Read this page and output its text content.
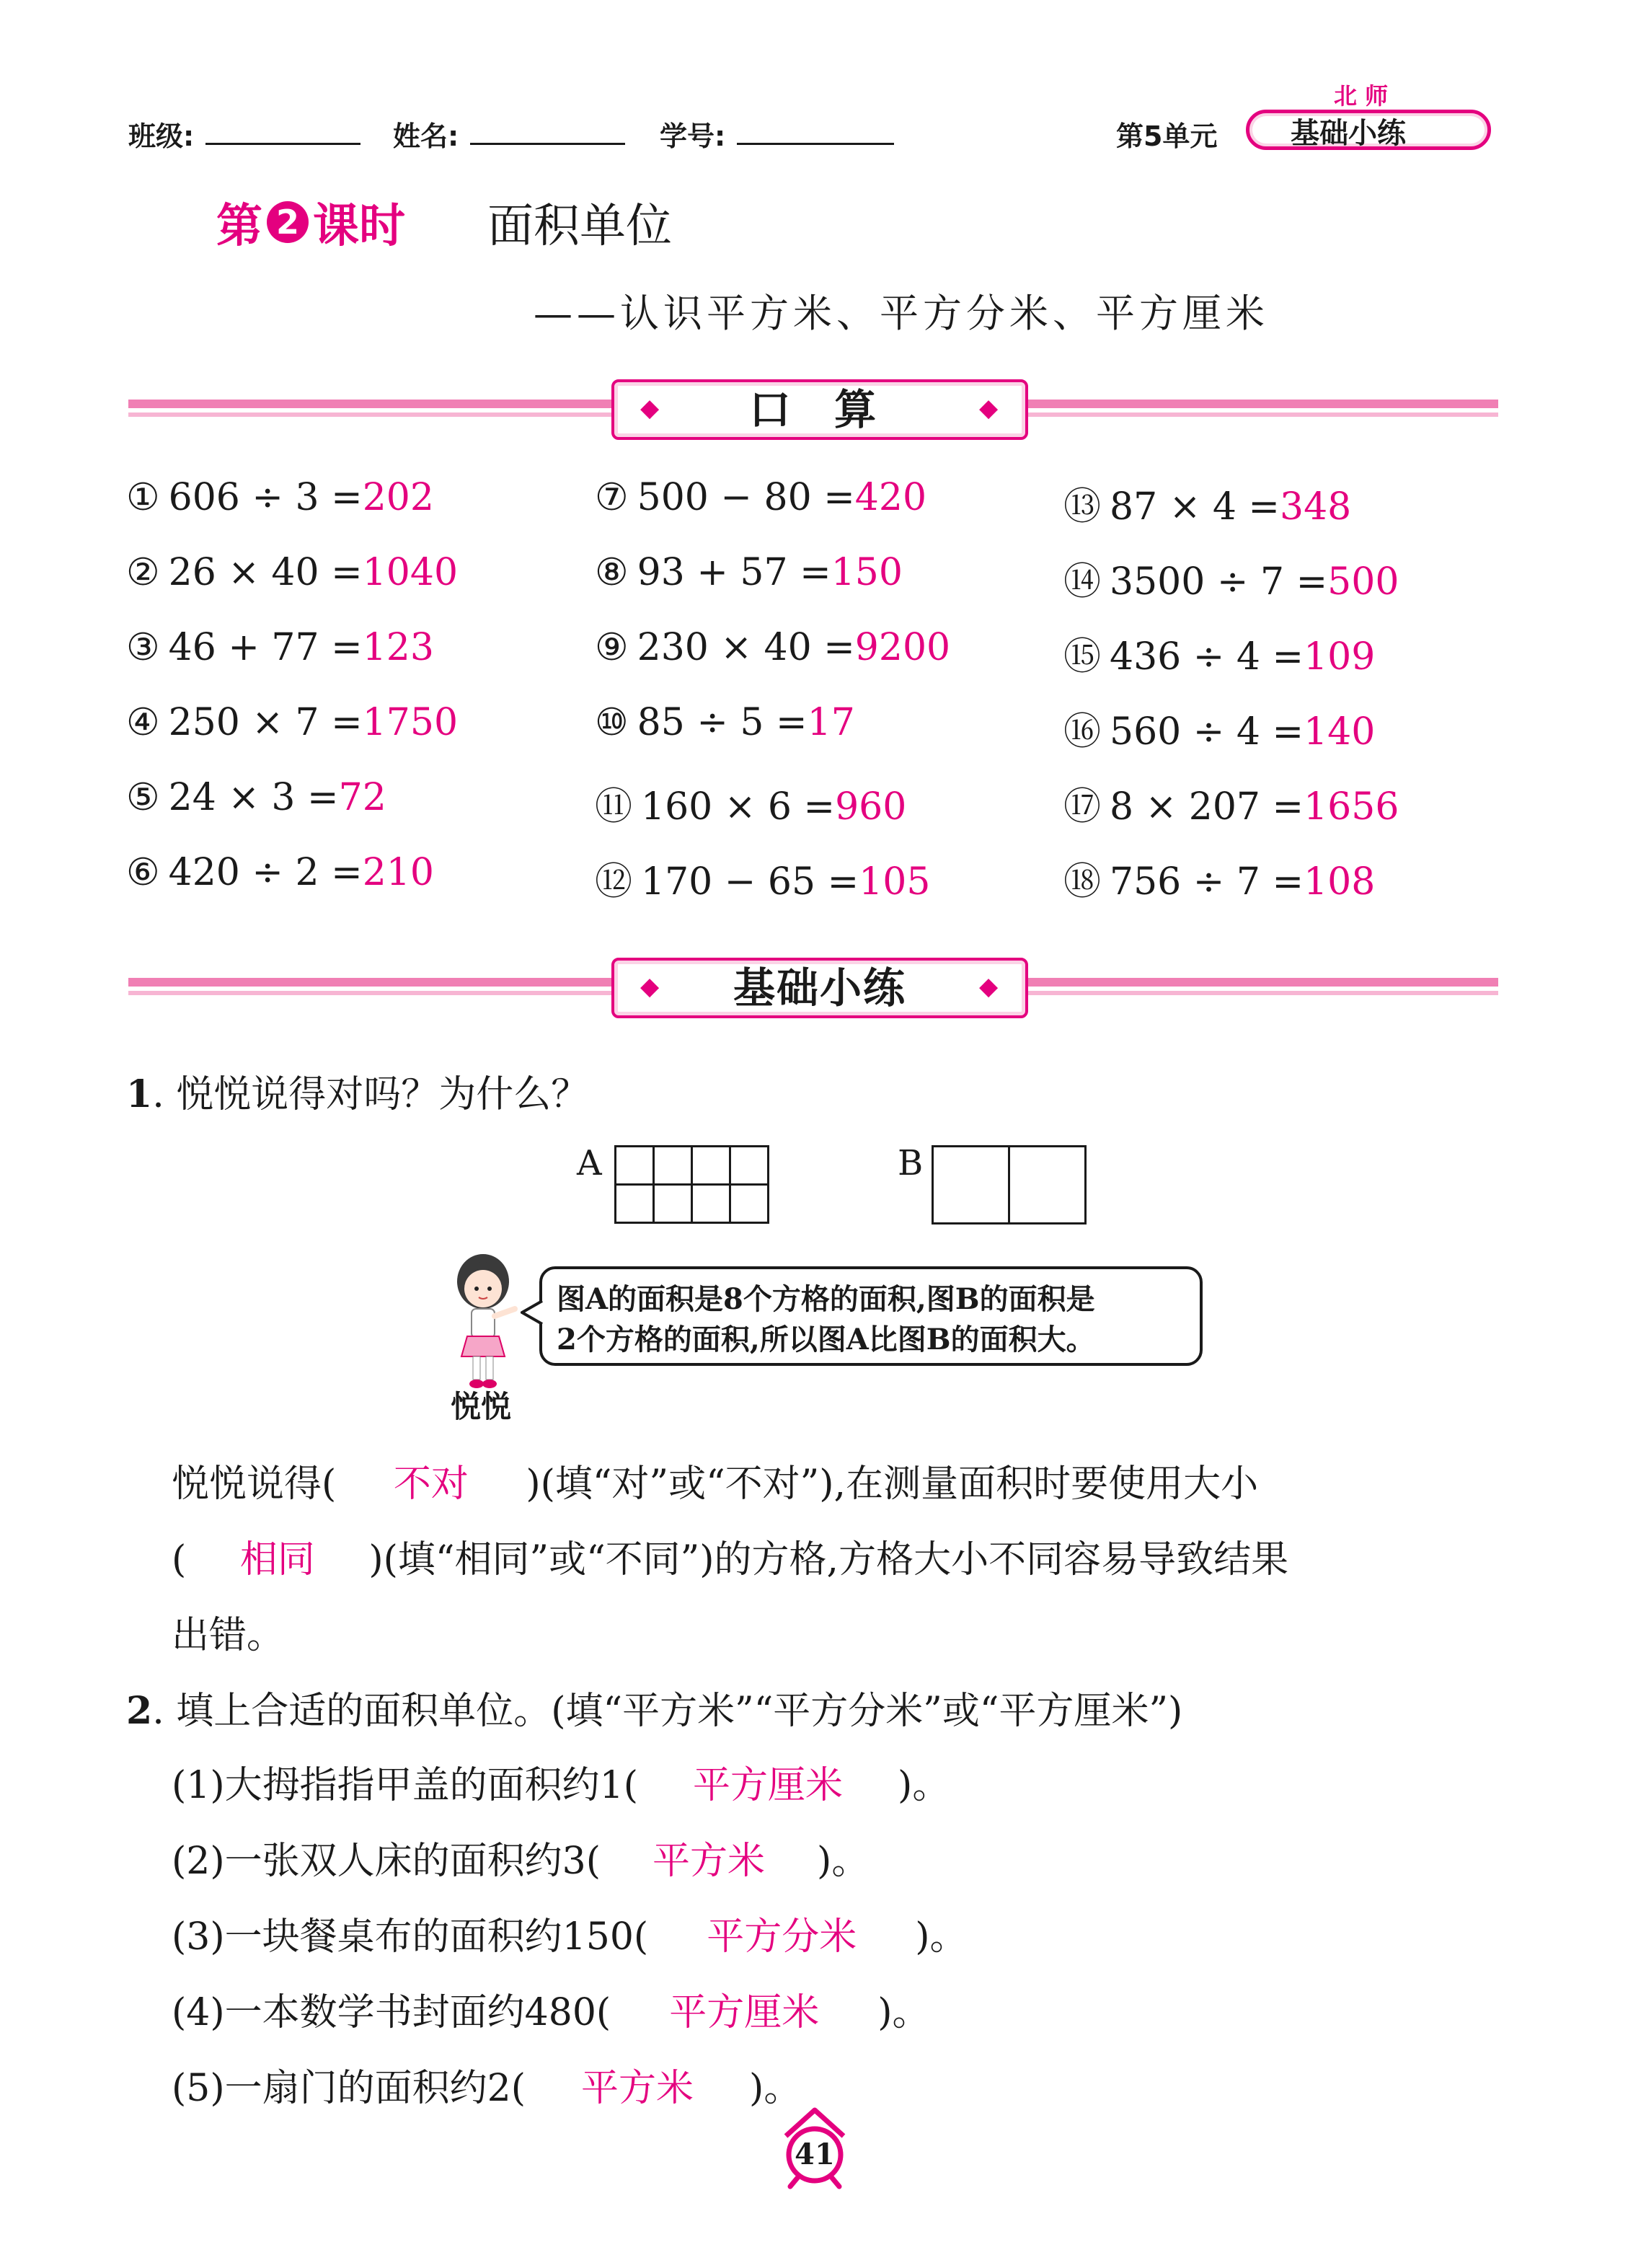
班级:	姓名:	学号:	第5单元
北 师
基础小练
第 2 课时 面积单位
——认识平方米、平方分米、平方厘米
口 算
◆	◆
① 606 ÷ 3 =202
② 26 × 40 =1040
③ 46 + 77 =123
④ 250 × 7 =1750
⑤ 24 × 3 =72
⑥ 420 ÷ 2 =210
⑦ 500 − 80 =420
⑧ 93 + 57 =150
⑨ 230 × 40 =9200
⑩ 85 ÷ 5 =17
⑪ 160 × 6 =960
⑫ 170 − 65 =105
⑬ 87 × 4 =348
⑭ 3500 ÷ 7 =500
⑮ 436 ÷ 4 =109
⑯ 560 ÷ 4 =140
⑰ 8 × 207 =1656
⑱ 756 ÷ 7 =108
基础小练
◆	◆
1. 悦悦说得对吗？为什么？
A

				B

悦悦
图A的面积是8个方格的面积,图B的面积是
2个方格的面积,所以图A比图B的面积大。
悦悦说得( 不对 )(填“对”或“不对”),在测量面积时要使用大小
( 相同 )(填“相同”或“不同”)的方格,方格大小不同容易导致结果
出错。
2. 填上合适的面积单位。(填“平方米”“平方分米”或“平方厘米”)
(1)大拇指指甲盖的面积约1( 平方厘米 )。
(2)一张双人床的面积约3( 平方米 )。
(3)一块餐桌布的面积约150( 平方分米 )。
(4)一本数学书封面约480( 平方厘米 )。
(5)一扇门的面积约2( 平方米 )。
41
